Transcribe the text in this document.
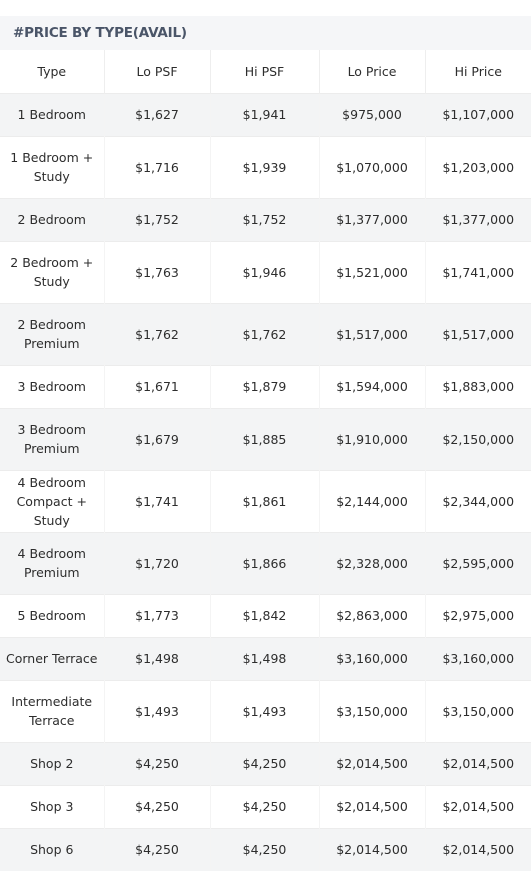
#PRICE BY TYPE(AVAIL)
Type	Lo PSF	Hi PSF	Lo Price	Hi Price
1 Bedroom	$1,627	$1,941	$975,000	$1,107,000
1 Bedroom + Study	$1,716	$1,939	$1,070,000	$1,203,000
2 Bedroom	$1,752	$1,752	$1,377,000	$1,377,000
2 Bedroom + Study	$1,763	$1,946	$1,521,000	$1,741,000
2 Bedroom Premium	$1,762	$1,762	$1,517,000	$1,517,000
3 Bedroom	$1,671	$1,879	$1,594,000	$1,883,000
3 Bedroom Premium	$1,679	$1,885	$1,910,000	$2,150,000
4 Bedroom Compact + Study	$1,741	$1,861	$2,144,000	$2,344,000
4 Bedroom Premium	$1,720	$1,866	$2,328,000	$2,595,000
5 Bedroom	$1,773	$1,842	$2,863,000	$2,975,000
Corner Terrace	$1,498	$1,498	$3,160,000	$3,160,000
Intermediate Terrace	$1,493	$1,493	$3,150,000	$3,150,000
Shop 2	$4,250	$4,250	$2,014,500	$2,014,500
Shop 3	$4,250	$4,250	$2,014,500	$2,014,500
Shop 6	$4,250	$4,250	$2,014,500	$2,014,500
